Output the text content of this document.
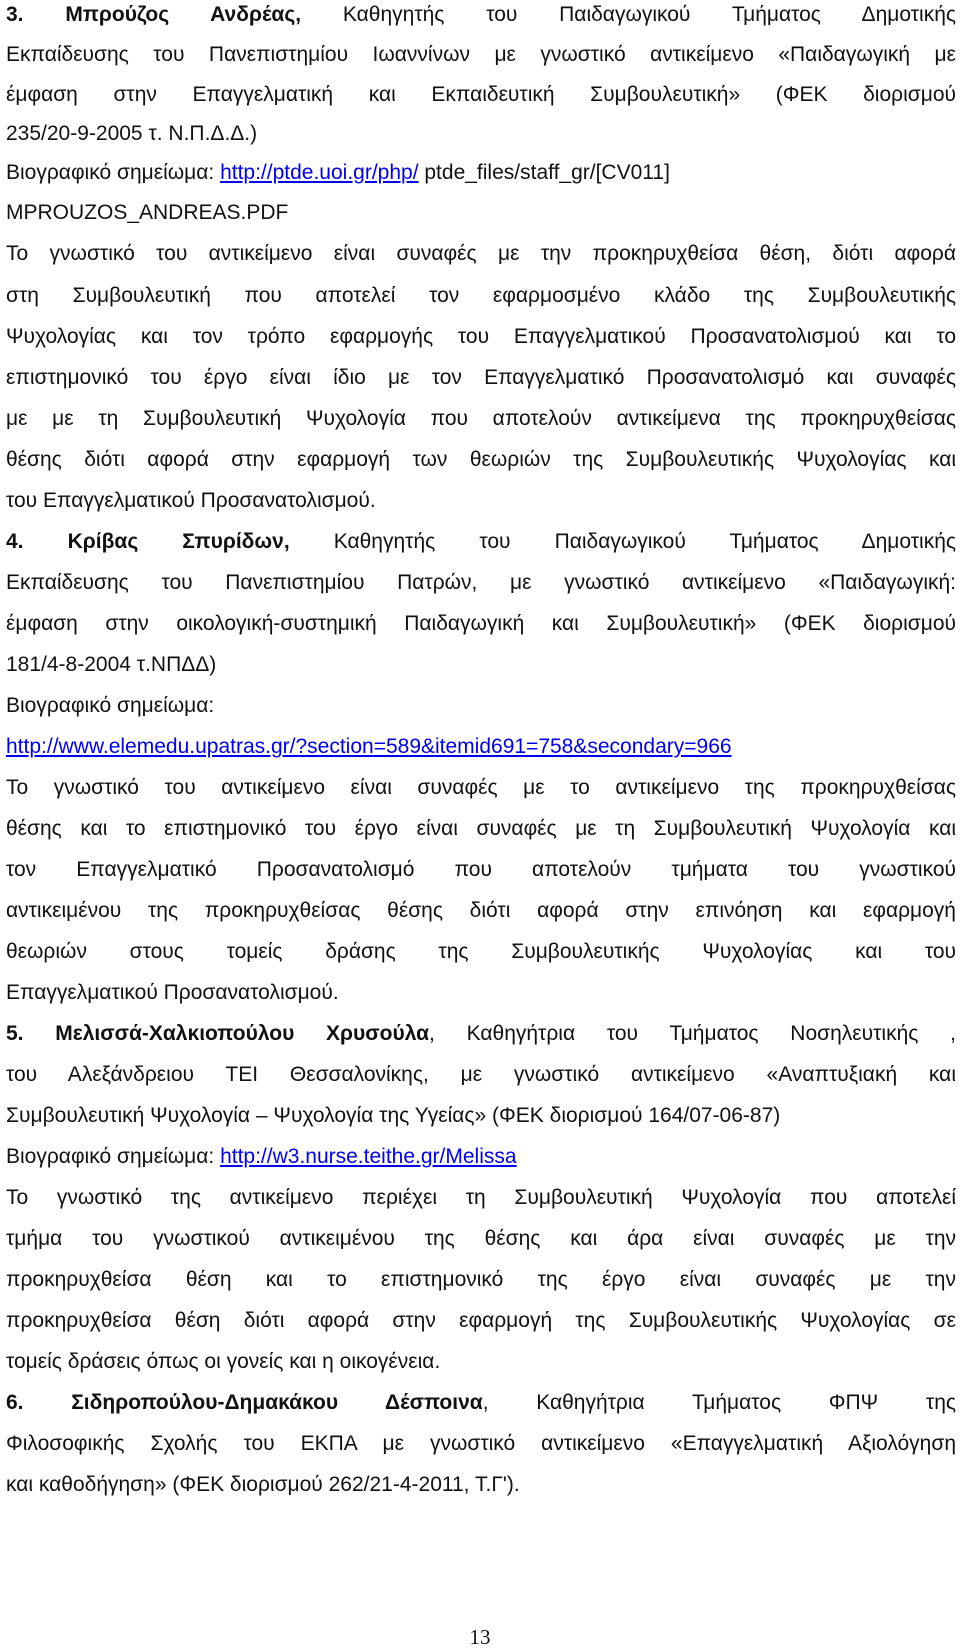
3. Μπρούζος Ανδρέας, Καθηγητής του Παιδαγωγικού Τμήματος Δημοτικής
Εκπαίδευσης του Πανεπιστημίου Ιωαννίνων με γνωστικό αντικείμενο «Παιδαγωγική με
έμφαση στην Επαγγελματική και Εκπαιδευτική Συμβουλευτική» (ΦΕΚ διορισμού
235/20-9-2005 τ. Ν.Π.Δ.Δ.)
Βιογραφικό σημείωμα: http://ptde.uoi.gr/php/ ptde_files/staff_gr/[CV011]
MPROUZOS_ANDREAS.PDF
Το γνωστικό του αντικείμενο είναι συναφές με την προκηρυχθείσα θέση, διότι αφορά
στη Συμβουλευτική που αποτελεί τον εφαρμοσμένο κλάδο της Συμβουλευτικής
Ψυχολογίας και τον τρόπο εφαρμογής του Επαγγελματικού Προσανατολισμού και το
επιστημονικό του έργο είναι ίδιο με τον Επαγγελματικό Προσανατολισμό και συναφές
με με τη Συμβουλευτική Ψυχολογία που αποτελούν αντικείμενα της προκηρυχθείσας
θέσης διότι αφορά στην εφαρμογή των θεωριών της Συμβουλευτικής Ψυχολογίας και
του Επαγγελματικού Προσανατολισμού.
4. Κρίβας Σπυρίδων, Καθηγητής του Παιδαγωγικού Τμήματος Δημοτικής
Εκπαίδευσης του Πανεπιστημίου Πατρών, με γνωστικό αντικείμενο «Παιδαγωγική:
έμφαση στην οικολογική-συστημική Παιδαγωγική και Συμβουλευτική» (ΦΕΚ διορισμού
181/4-8-2004 τ.ΝΠΔΔ)
Βιογραφικό σημείωμα:
http://www.elemedu.upatras.gr/?section=589&itemid691=758&secondary=966
Το γνωστικό του αντικείμενο είναι συναφές με το αντικείμενο της προκηρυχθείσας
θέσης και το επιστημονικό του έργο είναι συναφές με τη Συμβουλευτική Ψυχολογία και
τον Επαγγελματικό Προσανατολισμό που αποτελούν τμήματα του γνωστικού
αντικειμένου της προκηρυχθείσας θέσης διότι αφορά στην επινόηση και εφαρμογή
θεωριών στους τομείς δράσης της Συμβουλευτικής Ψυχολογίας και του
Επαγγελματικού Προσανατολισμού.
5. Μελισσά-Χαλκιοπούλου Χρυσούλα, Καθηγήτρια του Τμήματος Νοσηλευτικής ,
του Αλεξάνδρειου ΤΕΙ Θεσσαλονίκης, με γνωστικό αντικείμενο «Αναπτυξιακή και
Συμβουλευτική Ψυχολογία – Ψυχολογία της Υγείας» (ΦΕΚ διορισμού 164/07-06-87)
Βιογραφικό σημείωμα: http://w3.nurse.teithe.gr/Melissa
Το γνωστικό της αντικείμενο περιέχει τη Συμβουλευτική Ψυχολογία που αποτελεί
τμήμα του γνωστικού αντικειμένου της θέσης και άρα είναι συναφές με την
προκηρυχθείσα θέση και το επιστημονικό της έργο είναι συναφές με την
προκηρυχθείσα θέση διότι αφορά στην εφαρμογή της Συμβουλευτικής Ψυχολογίας σε
τομείς δράσεις όπως οι γονείς και η οικογένεια.
6. Σιδηροπούλου-Δημακάκου Δέσποινα, Καθηγήτρια Τμήματος ΦΠΨ της
Φιλοσοφικής Σχολής του ΕΚΠΑ με γνωστικό αντικείμενο «Επαγγελματική Αξιολόγηση
και καθοδήγηση» (ΦΕΚ διορισμού 262/21-4-2011, Τ.Γ').
13
